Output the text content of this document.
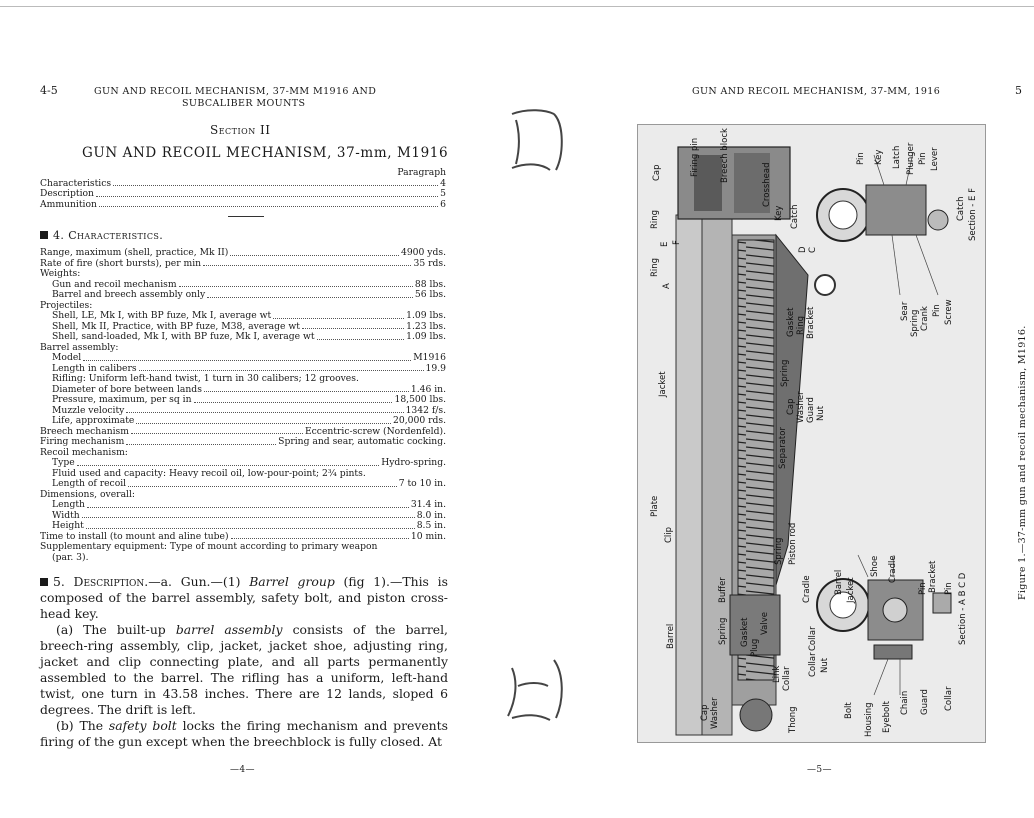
4-5	GUN AND RECOIL MECHANISM, 37-MM M1916 AND
SUBCALIBER MOUNTS
Section II
GUN AND RECOIL MECHANISM, 37-mm, M1916
Paragraph
Characteristics	4
Description	5
Ammunition	6
4. Characteristics.
Range, maximum (shell, practice, Mk II)	4900 yds.
Rate of fire (short bursts), per min	35 rds.
Weights:
Gun and recoil mechanism	88 lbs.
Barrel and breech assembly only	56 lbs.
Projectiles:
Shell, LE, Mk I, with BP fuze, Mk I, average wt	1.09 lbs.
Shell, Mk II, Practice, with BP fuze, M38, average wt	1.23 lbs.
Shell, sand-loaded, Mk I, with BP fuze, Mk I, average wt	1.09 lbs.
Barrel assembly:
Model	M1916
Length in calibers	19.9
Rifling: Uniform left-hand twist, 1 turn in 30 calibers; 12 grooves.
Diameter of bore between lands	1.46 in.
Pressure, maximum, per sq in	18,500 lbs.
Muzzle velocity	1342 f/s.
Life, approximate	20,000 rds.
Breech mechanism	Eccentric-screw (Nordenfeld).
Firing mechanism	Spring and sear, automatic cocking.
Recoil mechanism:
Type	Hydro-spring.
Fluid used and capacity: Heavy recoil oil, low-pour-point; 2¾ pints.
Length of recoil	7 to 10 in.
Dimensions, overall:
Length	31.4 in.
Width	8.0 in.
Height	8.5 in.
Time to install (to mount and aline tube)	10 min.
Supplementary equipment: Type of mount according to primary weapon
(par. 3).

5. Description.—a. Gun.—(1) Barrel group (fig 1).—This is composed of the barrel assembly, safety bolt, and piston cross-head key.

(a) The built-up barrel assembly consists of the barrel, breech-ring assembly, clip, jacket, jacket shoe, adjusting ring, jacket and clip connecting plate, and all parts permanently assembled to the barrel. The rifling has a uniform, left-hand twist, one turn in 43.58 inches. There are 12 lands, sloped 6 degrees. The drift is left.

(b) The safety bolt locks the firing mechanism and prevents firing of the gun except when the breechblock is fully closed. At

—4—
GUN AND RECOIL MECHANISM, 37-MM, 1916	5
—5—
Cap	Firing pin Breech block
Crosshead
Key Catch
Ring
E F
Ring
A
D C
Jacket	Spring
Gasket Ring Bracket
Cap Washer Guard Nut
Separator
Plate
Clip	Piston rod
Spring
Buffer	Cradle
Barrel	Spring Gasket
Plug
Valve
Collar
Link Collar
Cap Washer	Thong
Pin Key Latch Plunger Pin Lever
Catch Section - E F
Sear Spring Crank Pin Screw
Barrel Jacket
Shoe Cradle
Pin Bracket Pin Section - A B C D
Collar Nut
Bolt Housing Eyebolt Chain Guard Collar
Figure 1.—37-mm gun and recoil mechanism, M1916.
